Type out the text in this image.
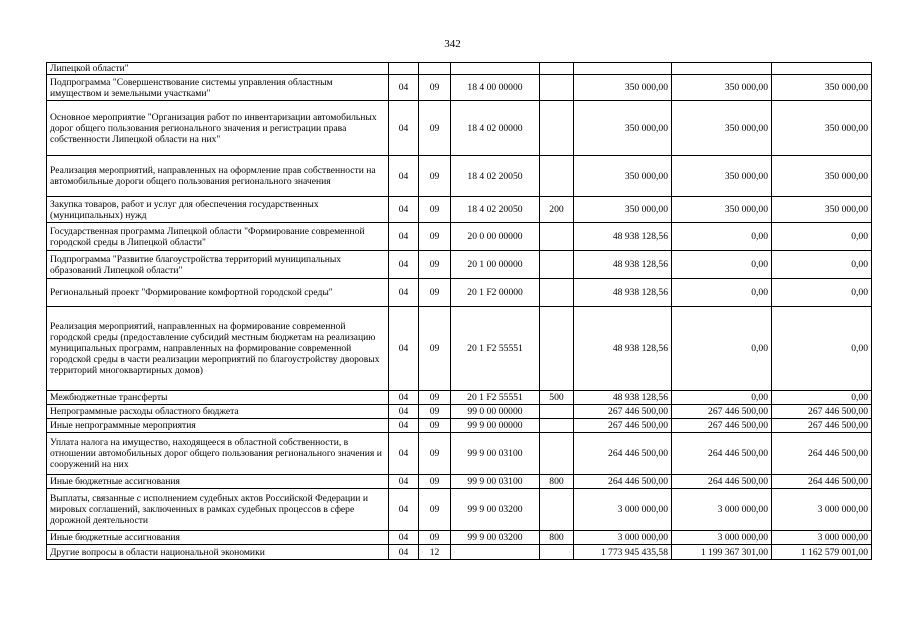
342
Липецкой области"							
Подпрограмма "Совершенствование системы управления областным имуществом и земельными участками"	04	09	18 4 00 00000		350 000,00	350 000,00	350 000,00
Основное мероприятие "Организация работ по инвентаризации автомобильных дорог общего пользования регионального значения и регистрации права собственности Липецкой области на них"	04	09	18 4 02 00000		350 000,00	350 000,00	350 000,00
Реализация мероприятий, направленных на оформление прав собственности на автомобильные дороги общего пользования регионального значения	04	09	18 4 02 20050		350 000,00	350 000,00	350 000,00
Закупка товаров, работ и услуг для обеспечения государственных (муниципальных) нужд	04	09	18 4 02 20050	200	350 000,00	350 000,00	350 000,00
Государственная программа Липецкой области "Формирование современной городской среды в Липецкой области"	04	09	20 0 00 00000		48 938 128,56	0,00	0,00
Подпрограмма "Развитие благоустройства территорий муниципальных образований Липецкой области"	04	09	20 1 00 00000		48 938 128,56	0,00	0,00
Региональный проект "Формирование комфортной городской среды"	04	09	20 1 F2 00000		48 938 128,56	0,00	0,00
Реализация мероприятий, направленных на формирование современной городской среды (предоставление субсидий местным бюджетам на реализацию муниципальных программ, направленных на формирование современной городской среды в части реализации мероприятий по благоустройству дворовых территорий многоквартирных домов)	04	09	20 1 F2 55551		48 938 128,56	0,00	0,00
Межбюджетные трансферты	04	09	20 1 F2 55551	500	48 938 128,56	0,00	0,00
Непрограммные расходы областного бюджета	04	09	99 0 00 00000		267 446 500,00	267 446 500,00	267 446 500,00
Иные непрограммные мероприятия	04	09	99 9 00 00000		267 446 500,00	267 446 500,00	267 446 500,00
Уплата налога на имущество, находящееся в областной собственности, в отношении автомобильных дорог общего пользования регионального значения и сооружений на них	04	09	99 9 00 03100		264 446 500,00	264 446 500,00	264 446 500,00
Иные бюджетные ассигнования	04	09	99 9 00 03100	800	264 446 500,00	264 446 500,00	264 446 500,00
Выплаты, связанные с исполнением судебных актов Российской Федерации и мировых соглашений, заключенных в рамках судебных процессов в сфере дорожной деятельности	04	09	99 9 00 03200		3 000 000,00	3 000 000,00	3 000 000,00
Иные бюджетные ассигнования	04	09	99 9 00 03200	800	3 000 000,00	3 000 000,00	3 000 000,00
Другие вопросы в области национальной экономики	04	12			1 773 945 435,58	1 199 367 301,00	1 162 579 001,00
